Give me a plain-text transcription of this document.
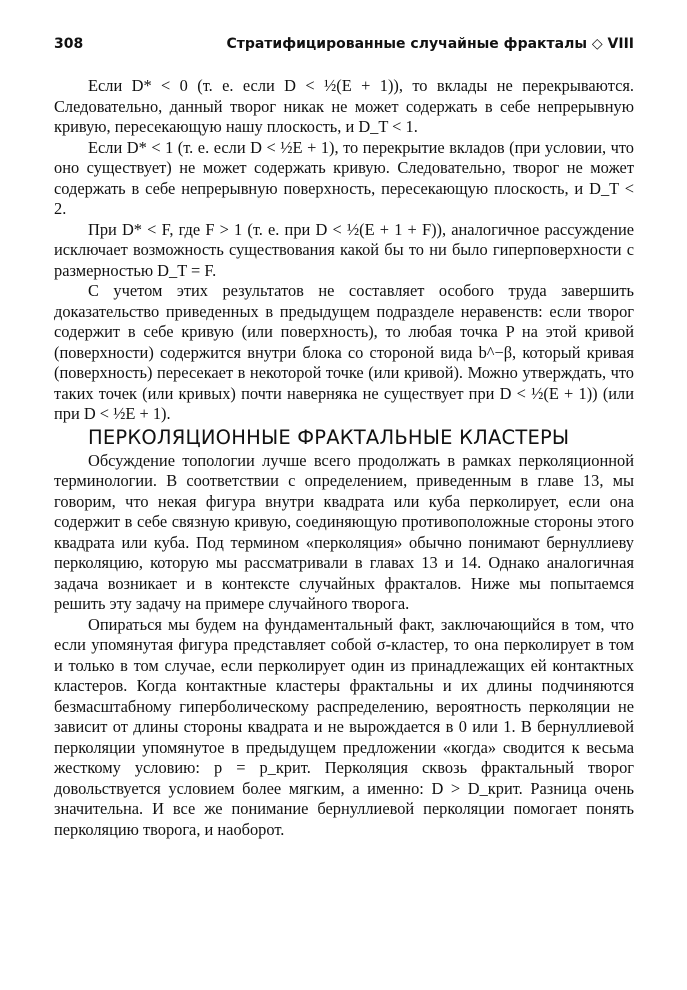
308	Стратифицированные случайные фракталы ◇ VIII

Если D* < 0 (т. е. если D < ½(E + 1)), то вклады не перекрываются. Следовательно, данный творог никак не может содержать в себе непрерывную кривую, пересекающую нашу плоскость, и D_T < 1.

Если D* < 1 (т. е. если D < ½E + 1), то перекрытие вкладов (при условии, что оно существует) не может содержать кривую. Следовательно, творог не может содержать в себе непрерывную поверхность, пересекающую плоскость, и D_T < 2.

При D* < F, где F > 1 (т. е. при D < ½(E + 1 + F)), аналогичное рассуждение исключает возможность существования какой бы то ни было гиперповерхности с размерностью D_T = F.

С учетом этих результатов не составляет особого труда завершить доказательство приведенных в предыдущем подразделе неравенств: если творог содержит в себе кривую (или поверхность), то любая точка P на этой кривой (поверхности) содержится внутри блока со стороной вида b^−β, который кривая (поверхность) пересекает в некоторой точке (или кривой). Можно утверждать, что таких точек (или кривых) почти наверняка не существует при D < ½(E + 1)) (или при D < ½E + 1).

ПЕРКОЛЯЦИОННЫЕ ФРАКТАЛЬНЫЕ КЛАСТЕРЫ

Обсуждение топологии лучше всего продолжать в рамках перколяционной терминологии. В соответствии с определением, приведенным в главе 13, мы говорим, что некая фигура внутри квадрата или куба перколирует, если она содержит в себе связную кривую, соединяющую противоположные стороны этого квадрата или куба. Под термином «перколяция» обычно понимают бернуллиеву перколяцию, которую мы рассматривали в главах 13 и 14. Однако аналогичная задача возникает и в контексте случайных фракталов. Ниже мы попытаемся решить эту задачу на примере случайного творога.

Опираться мы будем на фундаментальный факт, заключающийся в том, что если упомянутая фигура представляет собой σ-кластер, то она перколирует в том и только в том случае, если перколирует один из принадлежащих ей контактных кластеров. Когда контактные кластеры фрактальны и их длины подчиняются безмасштабному гиперболическому распределению, вероятность перколяции не зависит от длины стороны квадрата и не вырождается в 0 или 1. В бернуллиевой перколяции упомянутое в предыдущем предложении «когда» сводится к весьма жесткому условию: p = p_крит. Перколяция сквозь фрактальный творог довольствуется условием более мягким, а именно: D > D_крит. Разница очень значительна. И все же понимание бернуллиевой перколяции помогает понять перколяцию творога, и наоборот.
